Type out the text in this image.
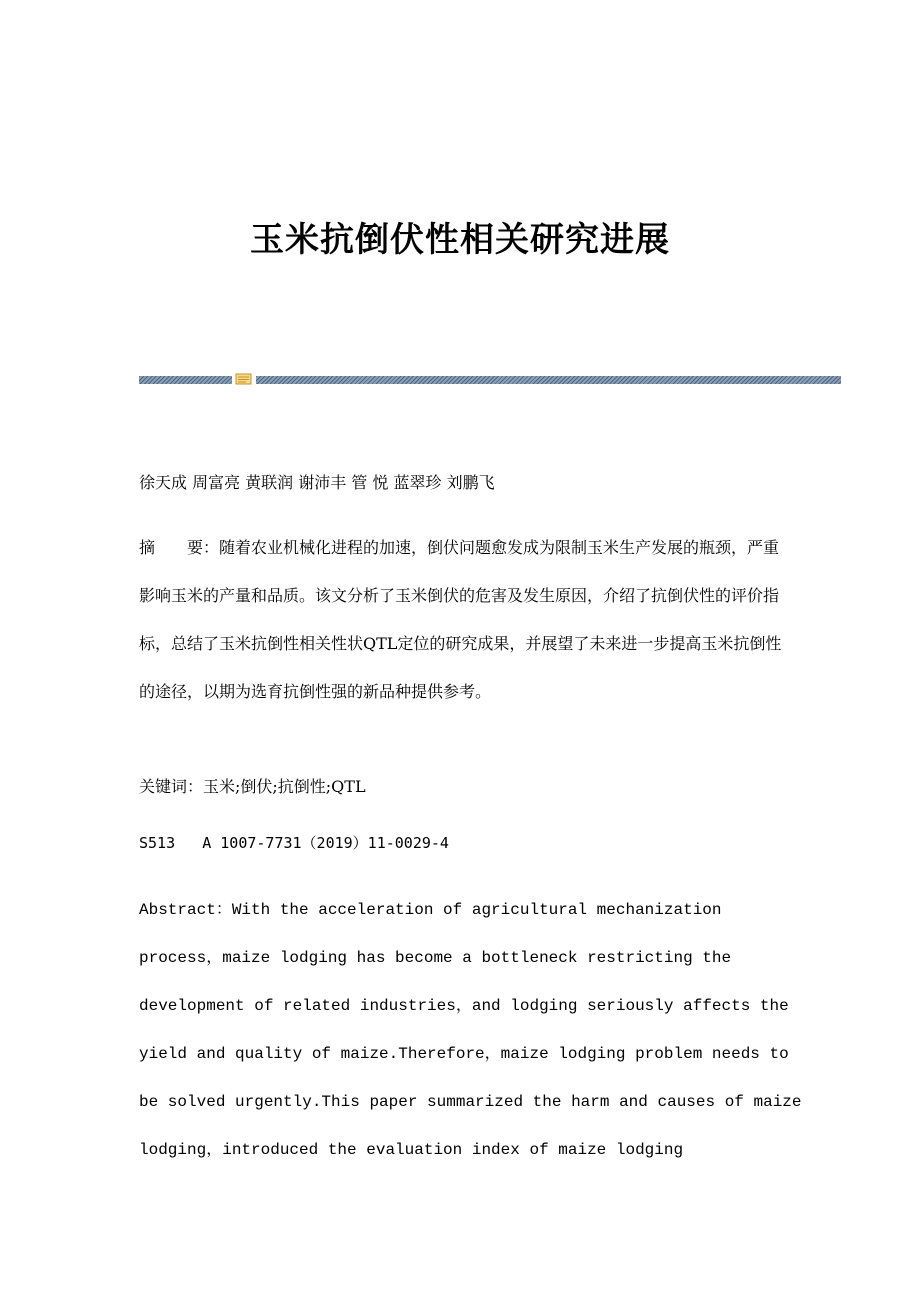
玉米抗倒伏性相关研究进展
徐天成 周富亮 黄联润 谢沛丰 管 悦 蓝翠珍 刘鹏飞

摘　　要：随着农业机械化进程的加速，倒伏问题愈发成为限制玉米生产发展的瓶颈，严重影响玉米的产量和品质。该文分析了玉米倒伏的危害及发生原因，介绍了抗倒伏性的评价指标，总结了玉米抗倒性相关性状QTL定位的研究成果，并展望了未来进一步提高玉米抗倒性的途径，以期为选育抗倒性强的新品种提供参考。

关键词：玉米;倒伏;抗倒性;QTL
S513   A 1007-7731（2019）11-0029-4

Abstract：With the acceleration of agricultural mechanization
process，maize lodging has become a bottleneck restricting the
development of related industries，and lodging seriously affects the
yield and quality of maize.Therefore，maize lodging problem needs to
be solved urgently.This paper summarized the harm and causes of maize
lodging，introduced the evaluation index of maize lodging
